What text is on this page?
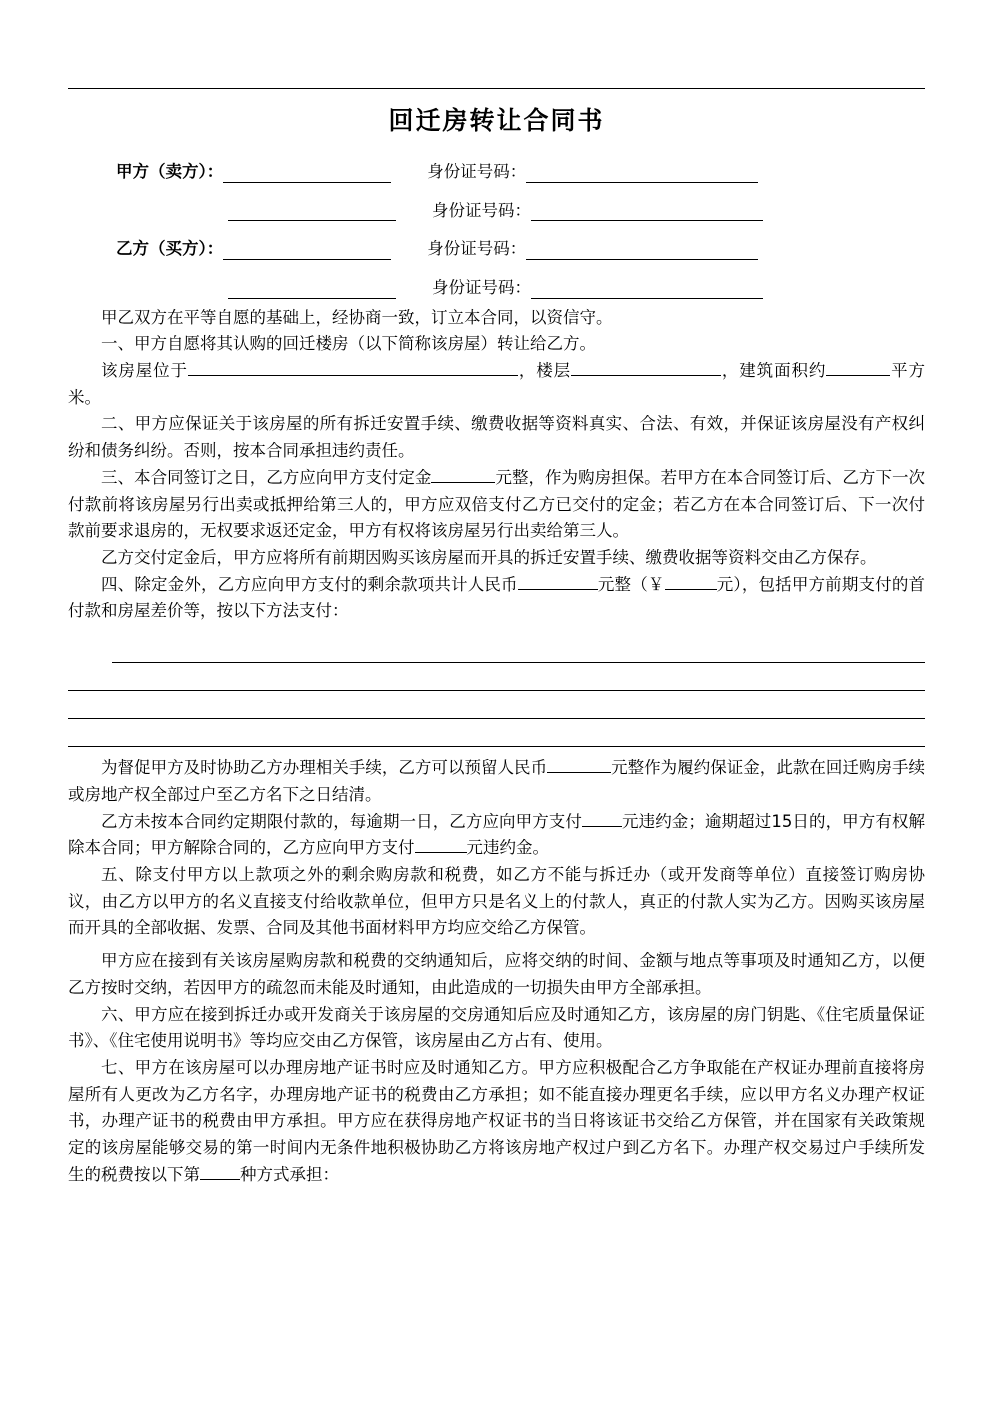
回迁房转让合同书
甲方（卖方）：	身份证号码：
身份证号码：
乙方（买方）：	身份证号码：
身份证号码：

甲乙双方在平等自愿的基础上，经协商一致，订立本合同，以资信守。

一、甲方自愿将其认购的回迁楼房（以下简称该房屋）转让给乙方。

该房屋位于	，楼层	，建筑面积约	平方米。

二、甲方应保证关于该房屋的所有拆迁安置手续、缴费收据等资料真实、合法、有效，并保证该房屋没有产权纠纷和债务纠纷。否则，按本合同承担违约责任。

三、本合同签订之日，乙方应向甲方支付定金	元整，作为购房担保。若甲方在本合同签订后、乙方下一次付款前将该房屋另行出卖或抵押给第三人的，甲方应双倍支付乙方已交付的定金；若乙方在本合同签订后、下一次付款前要求退房的，无权要求返还定金，甲方有权将该房屋另行出卖给第三人。

乙方交付定金后，甲方应将所有前期因购买该房屋而开具的拆迁安置手续、缴费收据等资料交由乙方保存。

四、除定金外，乙方应向甲方支付的剩余款项共计人民币	元整（￥	元），包括甲方前期支付的首付款和房屋差价等，按以下方法支付：

为督促甲方及时协助乙方办理相关手续，乙方可以预留人民币	元整作为履约保证金，此款在回迁购房手续或房地产权全部过户至乙方名下之日结清。

乙方未按本合同约定期限付款的，每逾期一日，乙方应向甲方支付 元违约金；逾期超过15日的，甲方有权解除本合同；甲方解除合同的，乙方应向甲方支付	元违约金。

五、除支付甲方以上款项之外的剩余购房款和税费，如乙方不能与拆迁办（或开发商等单位）直接签订购房协议，由乙方以甲方的名义直接支付给收款单位，但甲方只是名义上的付款人，真正的付款人实为乙方。因购买该房屋而开具的全部收据、发票、合同及其他书面材料甲方均应交给乙方保管。

甲方应在接到有关该房屋购房款和税费的交纳通知后，应将交纳的时间、金额与地点等事项及时通知乙方，以便乙方按时交纳，若因甲方的疏忽而未能及时通知，由此造成的一切损失由甲方全部承担。

六、甲方应在接到拆迁办或开发商关于该房屋的交房通知后应及时通知乙方，该房屋的房门钥匙、《住宅质量保证书》、《住宅使用说明书》等均应交由乙方保管，该房屋由乙方占有、使用。

七、甲方在该房屋可以办理房地产证书时应及时通知乙方。甲方应积极配合乙方争取能在产权证办理前直接将房屋所有人更改为乙方名字，办理房地产证书的税费由乙方承担；如不能直接办理更名手续，应以甲方名义办理产权证书，办理产证书的税费由甲方承担。甲方应在获得房地产权证书的当日将该证书交给乙方保管，并在国家有关政策规定的该房屋能够交易的第一时间内无条件地积极协助乙方将该房地产权过户到乙方名下。办理产权交易过户手续所发生的税费按以下第 种方式承担：
